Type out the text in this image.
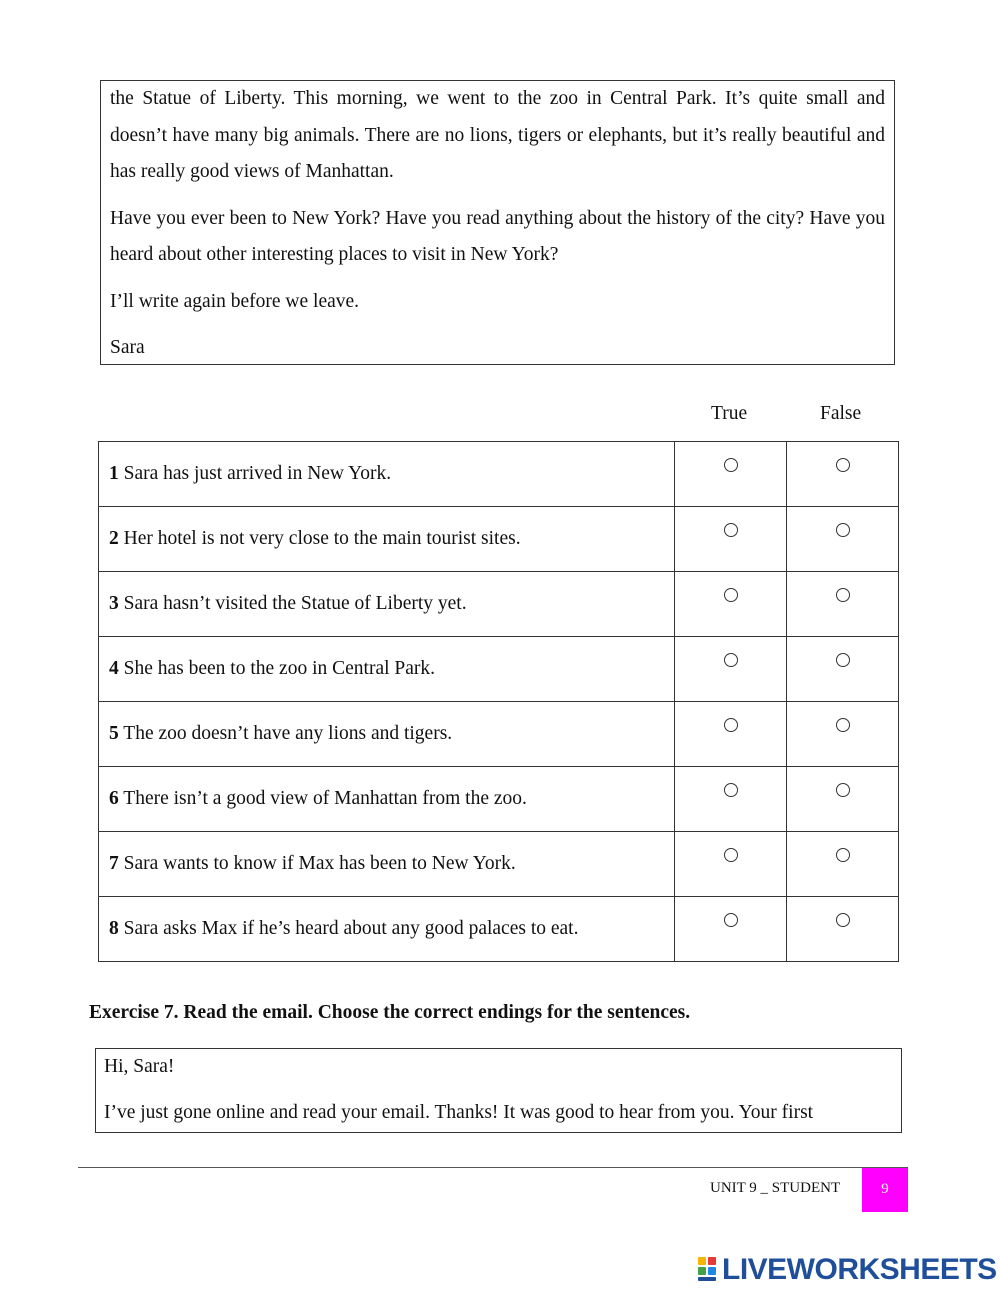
the Statue of Liberty. This morning, we went to the zoo in Central Park. It’s quite small and doesn’t have many big animals. There are no lions, tigers or elephants, but it’s really beautiful and has really good views of Manhattan.

Have you ever been to New York? Have you read anything about the history of the city? Have you heard about other interesting places to visit in New York?

I’ll write again before we leave.

Sara

True	False
1 Sara has just arrived in New York.		
2 Her hotel is not very close to the main tourist sites.		
3 Sara hasn’t visited the Statue of Liberty yet.		
4 She has been to the zoo in Central Park.		
5 The zoo doesn’t have any lions and tigers.		
6 There isn’t a good view of Manhattan from the zoo.		
7 Sara wants to know if Max has been to New York.		
8 Sara asks Max if he’s heard about any good palaces to eat.		
Exercise 7. Read the email. Choose the correct endings for the sentences.

Hi, Sara!

I’ve just gone online and read your email. Thanks! It was good to hear from you. Your first

UNIT 9 _ STUDENT	9
LIVEWORKSHEETS
